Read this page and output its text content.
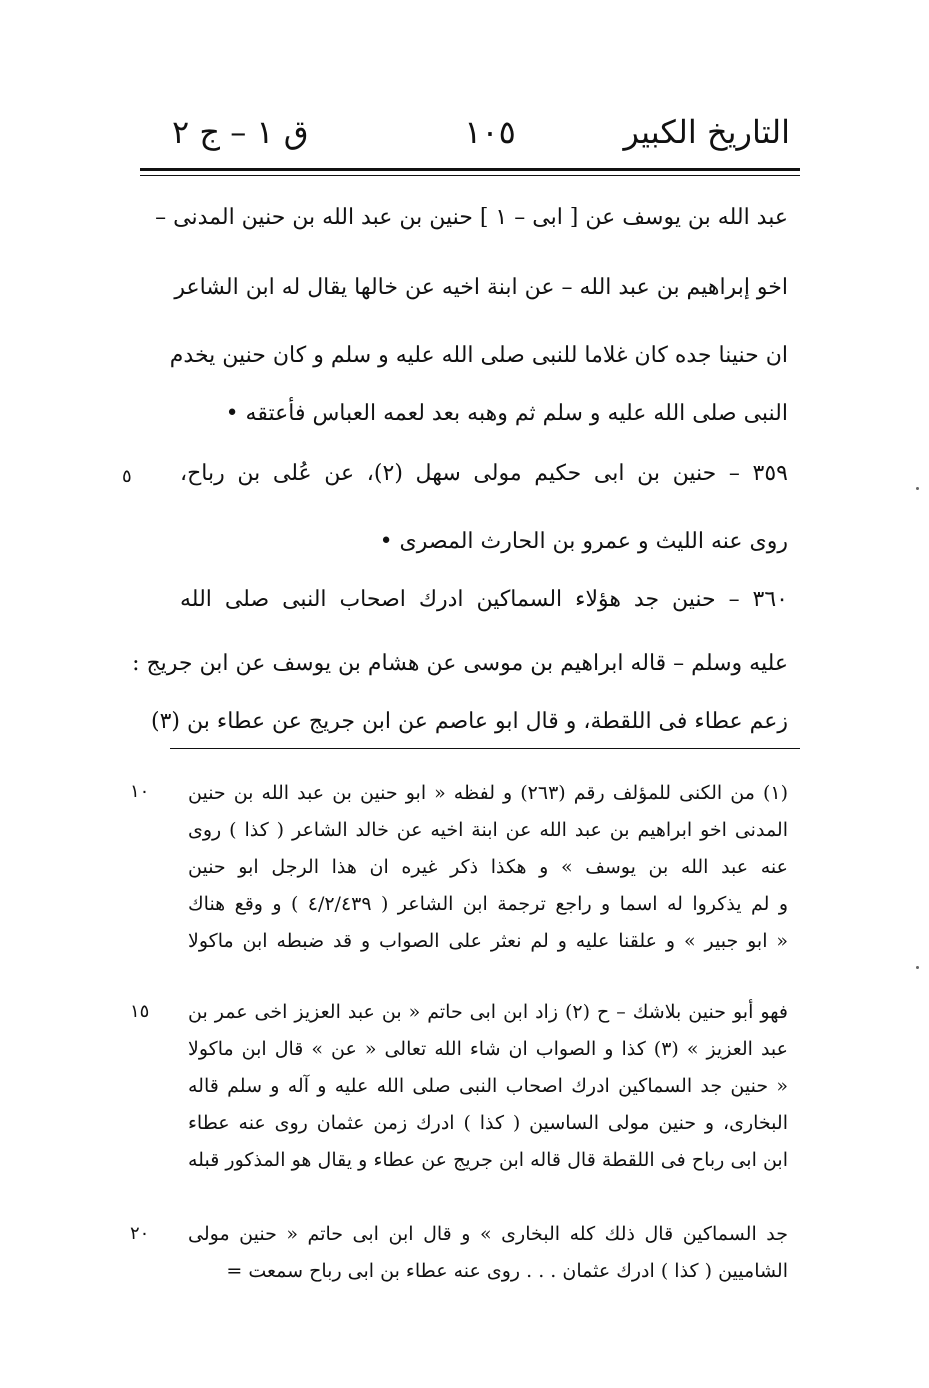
ق ١ – ج ٢	١٠٥	التاريخ الكبير
عبد الله بن يوسف عن [ ابى – ١ ] حنين بن عبد الله بن حنين المدنى –
اخو إبراهيم بن عبد الله – عن ابنة اخيه عن خالها يقال له ابن الشاعر
ان حنينا جده كان غلاما للنبى صلى الله عليه و سلم و كان حنين يخدم
النبى صلى الله عليه و سلم ثم وهبه بعد لعمه العباس فأعتقه •
٣٥٩ – حنين بن ابى حكيم مولى سهل (٢)، عن عُلى بن رباح،
روى عنه الليث و عمرو بن الحارث المصرى •
٣٦٠ – حنين جد هؤلاء السماكين ادرك اصحاب النبى صلى الله
عليه وسلم – قاله ابراهيم بن موسى عن هشام بن يوسف عن ابن جريج :
زعم عطاء فى اللقطة، و قال ابو عاصم عن ابن جريج عن عطاء بن (٣)
(١) من الكنى للمؤلف رقم (٢٦٣) و لفظه « ابو حنين بن عبد الله بن حنين
المدنى اخو ابراهيم بن عبد الله عن ابنة اخيه عن خالد الشاعر ( كذا ) روى
عنه عبد الله بن يوسف » و هكذا ذكر غيره ان هذا الرجل ابو حنين
و لم يذكروا له اسما و راجع ترجمة ابن الشاعر ( ٤/٢/٤٣٩ ) و وقع هناك
« ابو جبير » و علقنا عليه و لم نعثر على الصواب و قد ضبطه ابن ماكولا
فهو أبو حنين بلاشك – ح (٢) زاد ابن ابى حاتم « بن عبد العزيز اخى عمر بن
عبد العزيز » (٣) كذا و الصواب ان شاء الله تعالى « عن » قال ابن ماكولا
« حنين جد السماكين ادرك اصحاب النبى صلى الله عليه و آله و سلم قاله
البخارى، و حنين مولى الساسين ( كذا ) ادرك زمن عثمان روى عنه عطاء
ابن ابى رباح فى اللقطة قال قاله ابن جريج عن عطاء و يقال هو المذكور قبله
جد السماكين قال ذلك كله البخارى » و قال ابن ابى حاتم « حنين مولى
الشاميين ( كذا ) ادرك عثمان . . . روى عنه عطاء بن ابى رباح سمعت =
٥
١٠
١٥
٢٠
